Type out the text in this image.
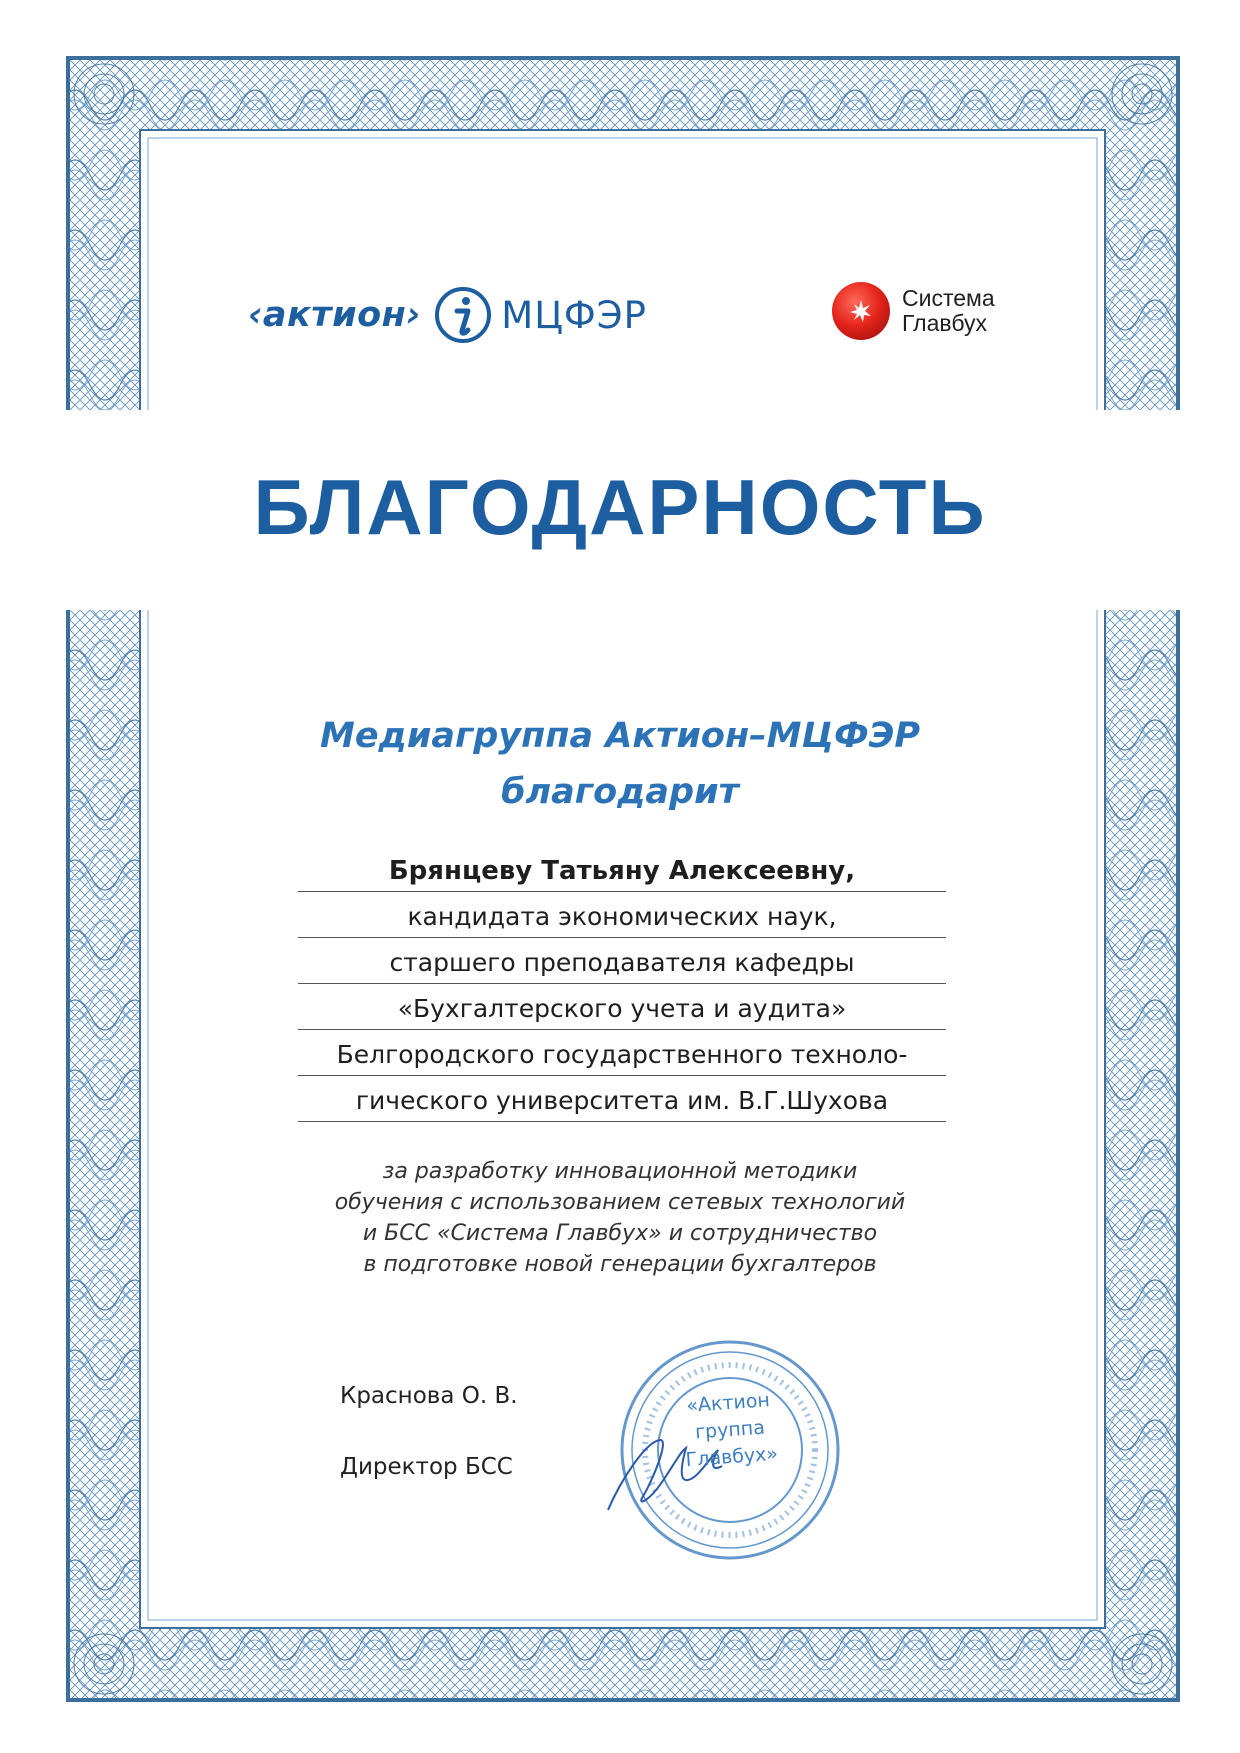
‹актион› МЦФЭР	Система
Главбух
БЛАГОДАРНОСТЬ
Медиагруппа Актион–МЦФЭР
благодарит
Брянцеву Татьяну Алексеевну,
кандидата экономических наук,
старшего преподавателя кафедры
«Бухгалтерского учета и аудита»
Белгородского государственного техноло-
гического университета им. В.Г.Шухова
за разработку инновационной методики
обучения с использованием сетевых технологий
и БСС «Система Главбух» и сотрудничество
в подготовке новой генерации бухгалтеров
Краснова О. В.
Директор БСС
«Актион
группа
Главбух»
